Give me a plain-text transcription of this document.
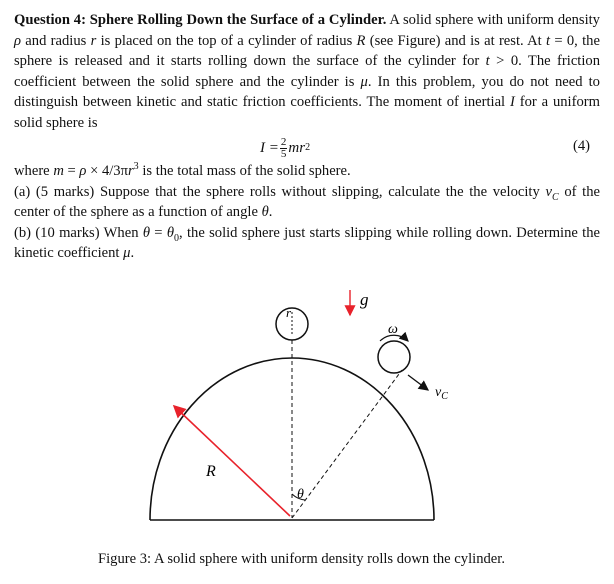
Question 4: Sphere Rolling Down the Surface of a Cylinder. A solid sphere with uniform density ρ and radius r is placed on the top of a cylinder of radius R (see Figure) and is at rest. At t = 0, the sphere is released and it starts rolling down the surface of the cylinder for t > 0. The friction coefficient between the solid sphere and the cylinder is μ. In this problem, you do not need to distinguish between kinetic and static friction coefficients. The moment of inertial I for a uniform solid sphere is

$I = \frac{2}{5}$ m r 2	(4)

where $m = \rho \times 4/3\pi r^3$ is the total mass of the solid sphere.

(a) (5 marks) Suppose that the sphere rolls without slipping, calculate the the velocity $v_C$ of the center of the sphere as a function of angle θ.

(b) (10 marks) When $\theta = \theta_0$, the solid sphere just starts slipping while rolling down. Determine the kinetic coefficient μ.

r
g
ω
$v_C$
R
θ
Figure 3: A solid sphere with uniform density rolls down the cylinder.
